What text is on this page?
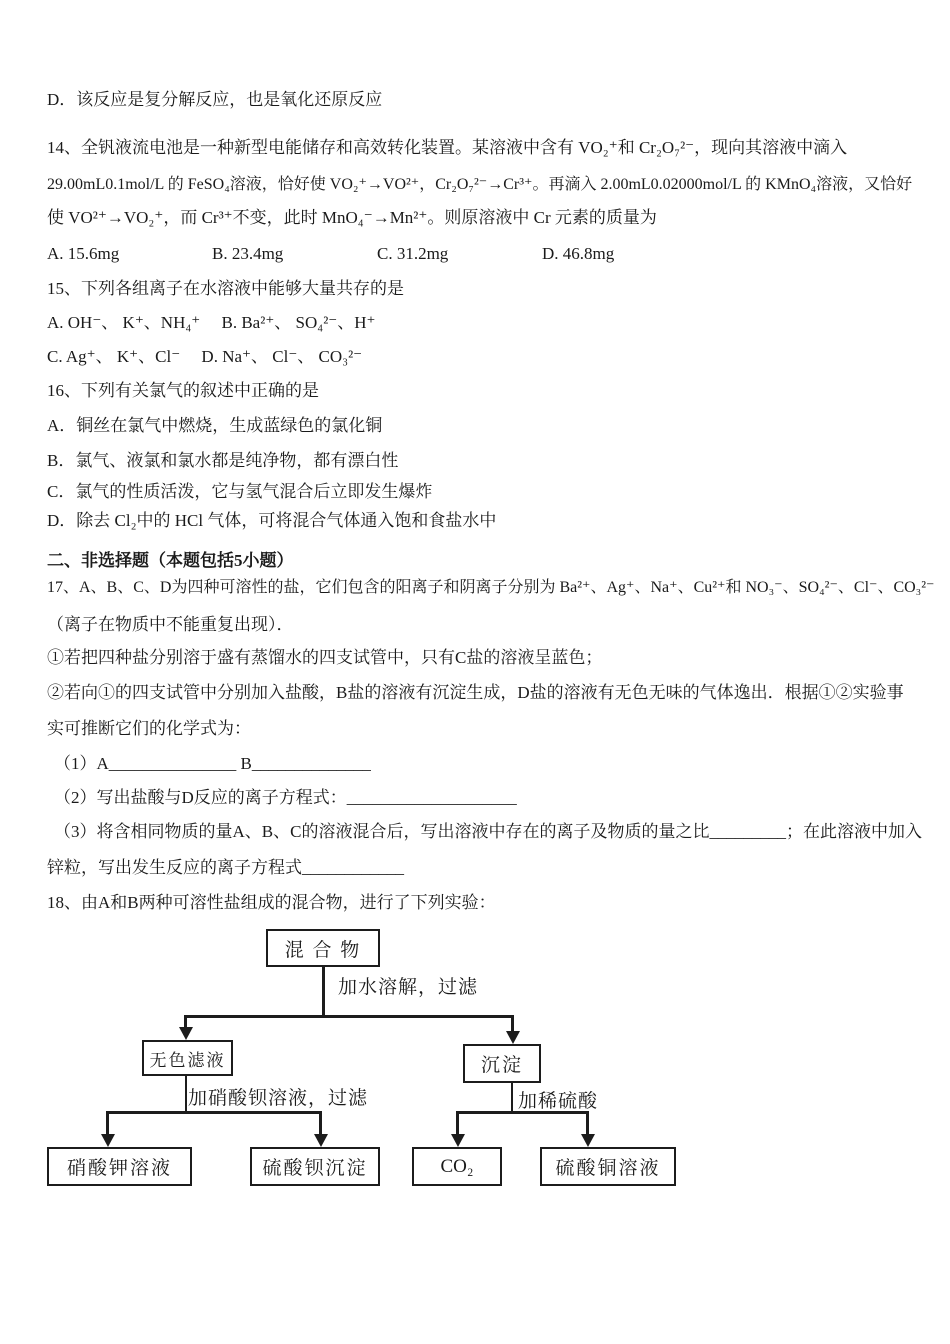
D．该反应是复分解反应，也是氧化还原反应
14、全钒液流电池是一种新型电能储存和高效转化装置。某溶液中含有 VO₂⁺和 Cr₂O₇²⁻，现向其溶液中滴入
29.00mL0.1mol/L 的 FeSO₄溶液，恰好使 VO₂⁺→VO²⁺，Cr₂O₇²⁻→Cr³⁺。再滴入 2.00mL0.02000mol/L 的 KMnO₄溶液，又恰好
使 VO²⁺→VO₂⁺，而 Cr³⁺不变，此时 MnO₄⁻→Mn²⁺。则原溶液中 Cr 元素的质量为
A. 15.6mg	B. 23.4mg	C. 31.2mg	D. 46.8mg
15、下列各组离子在水溶液中能够大量共存的是
A. OH⁻、 K⁺、NH₄⁺　 B. Ba²⁺、 SO₄²⁻、H⁺
C. Ag⁺、 K⁺、Cl⁻　 D. Na⁺、 Cl⁻、 CO₃²⁻
16、下列有关氯气的叙述中正确的是
A．铜丝在氯气中燃烧，生成蓝绿色的氯化铜
B．氯气、液氯和氯水都是纯净物，都有漂白性
C．氯气的性质活泼，它与氢气混合后立即发生爆炸
D．除去 Cl₂中的 HCl 气体，可将混合气体通入饱和食盐水中
二、非选择题（本题包括5小题）
17、A、B、C、D为四种可溶性的盐，它们包含的阳离子和阴离子分别为 Ba²⁺、Ag⁺、Na⁺、Cu²⁺和 NO₃⁻、SO₄²⁻、Cl⁻、CO₃²⁻
（离子在物质中不能重复出现）．
①若把四种盐分别溶于盛有蒸馏水的四支试管中，只有C盐的溶液呈蓝色；
②若向①的四支试管中分别加入盐酸，B盐的溶液有沉淀生成，D盐的溶液有无色无味的气体逸出．根据①②实验事
实可推断它们的化学式为：
（1）A_______________ B______________
（2）写出盐酸与D反应的离子方程式：____________________
（3）将含相同物质的量A、B、C的溶液混合后，写出溶液中存在的离子及物质的量之比_________；在此溶液中加入
锌粒，写出发生反应的离子方程式____________
18、由A和B两种可溶性盐组成的混合物，进行了下列实验：
加水溶解，过滤
加硝酸钡溶液，过滤	加稀硫酸
混 合 物
无色滤液	沉淀
硝酸钾溶液	硫酸钡沉淀	CO₂	硫酸铜溶液
